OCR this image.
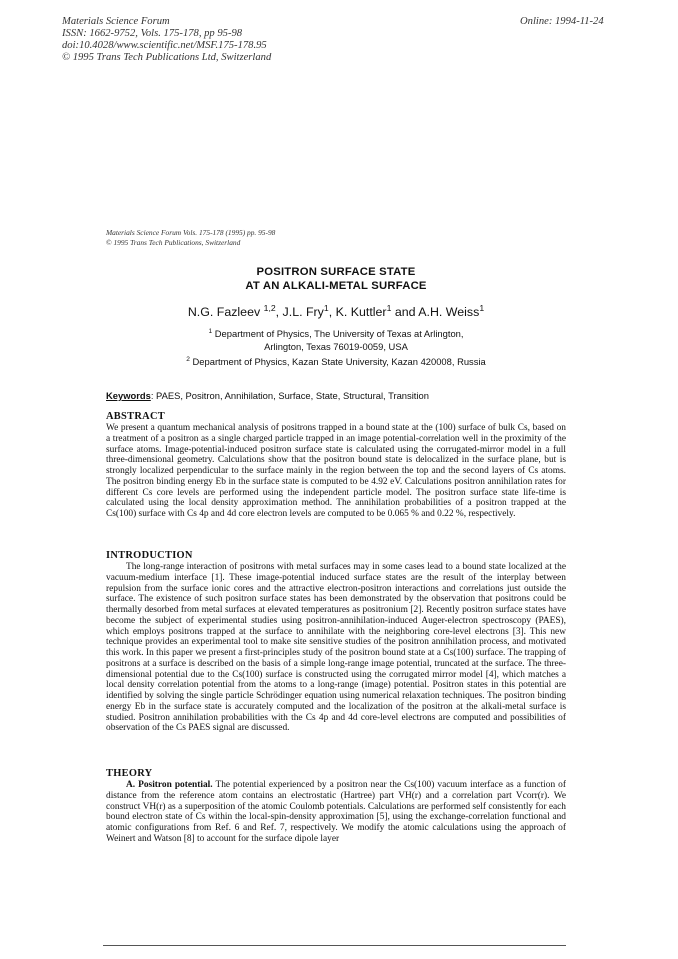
Materials Science Forum
ISSN: 1662-9752, Vols. 175-178, pp 95-98
doi:10.4028/www.scientific.net/MSF.175-178.95
© 1995 Trans Tech Publications Ltd, Switzerland
Online: 1994-11-24
Materials Science Forum Vols. 175-178 (1995) pp. 95-98
© 1995 Trans Tech Publications, Switzerland
POSITRON SURFACE STATE
AT AN ALKALI-METAL SURFACE
N.G. Fazleev $^{1,2}$, J.L. Fry$^1$, K. Kuttler$^1$ and A.H. Weiss$^1$
$^1$ Department of Physics, The University of Texas at Arlington,
Arlington, Texas 76019-0059, USA
$^2$ Department of Physics, Kazan State University, Kazan 420008, Russia
Keywords: PAES, Positron, Annihilation, Surface, State, Structural, Transition
ABSTRACT

We present a quantum mechanical analysis of positrons trapped in a bound state at the (100) surface of bulk Cs, based on a treatment of a positron as a single charged particle trapped in an image potential-correlation well in the proximity of the surface atoms. Image-potential-induced positron surface state is calculated using the corrugated-mirror model in a full three-dimensional geometry. Calculations show that the positron bound state is delocalized in the surface plane, but is strongly localized perpendicular to the surface mainly in the region between the top and the second layers of Cs atoms. The positron binding energy Eb in the surface state is computed to be 4.92 eV. Calculations positron annihilation rates for different Cs core levels are performed using the independent particle model. The positron surface state life-time is calculated using the local density approximation method. The annihilation probabilities of a positron trapped at the Cs(100) surface with Cs 4p and 4d core electron levels are computed to be 0.065 % and 0.22 %, respectively.

INTRODUCTION

The long-range interaction of positrons with metal surfaces may in some cases lead to a bound state localized at the vacuum-medium interface [1]. These image-potential induced surface states are the result of the interplay between repulsion from the surface ionic cores and the attractive electron-positron interactions and correlations just outside the surface. The existence of such positron surface states has been demonstrated by the observation that positrons could be thermally desorbed from metal surfaces at elevated temperatures as positronium [2]. Recently positron surface states have become the subject of experimental studies using positron-annihilation-induced Auger-electron spectroscopy (PAES), which employs positrons trapped at the surface to annihilate with the neighboring core-level electrons [3]. This new technique provides an experimental tool to make site sensitive studies of the positron annihilation process, and motivated this work. In this paper we present a first-principles study of the positron bound state at a Cs(100) surface. The trapping of positrons at a surface is described on the basis of a simple long-range image potential, truncated at the surface. The three-dimensional potential due to the Cs(100) surface is constructed using the corrugated mirror model [4], which matches a local density correlation potential from the atoms to a long-range (image) potential. Positron states in this potential are identified by solving the single particle Schrödinger equation using numerical relaxation techniques. The positron binding energy Eb in the surface state is accurately computed and the localization of the positron at the alkali-metal surface is studied. Positron annihilation probabilities with the Cs 4p and 4d core-level electrons are computed and possibilities of observation of the Cs PAES signal are discussed.

THEORY

A. Positron potential. The potential experienced by a positron near the Cs(100) vacuum interface as a function of distance from the reference atom contains an electrostatic (Hartree) part VH(r) and a correlation part Vcorr(r). We construct VH(r) as a superposition of the atomic Coulomb potentials. Calculations are performed self consistently for each bound electron state of Cs within the local-spin-density approximation [5], using the exchange-correlation functional and atomic configurations from Ref. 6 and Ref. 7, respectively. We modify the atomic calculations using the approach of Weinert and Watson [8] to account for the surface dipole layer
